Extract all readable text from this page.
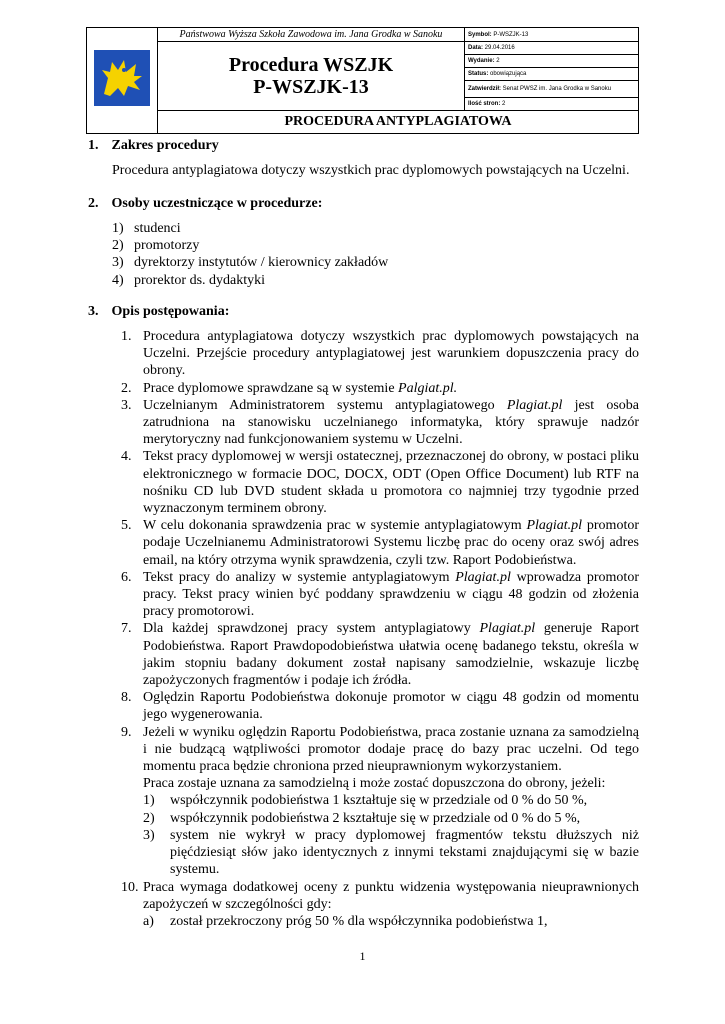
	Państwowa Wyższa Szkoła Zawodowa im. Jana Grodka w Sanoku	Symbol: P-WSZJK-13

	Procedura WSZJK
P-WSZJK-13	Data: 29.04.2016
		Wydanie: 2
		Status: obowiązująca
		Zatwierdził: Senat PWSZ im. Jana Grodka w Sanoku
		Ilość stron: 2
	PROCEDURA ANTYPLAGIATOWA	
1. Zakres procedury
Procedura antyplagiatowa dotyczy wszystkich prac dyplomowych powstających na Uczelni.
2. Osoby uczestniczące w procedurze:
1) studenci
2) promotorzy
3) dyrektorzy instytutów / kierownicy zakładów
4) prorektor ds. dydaktyki
3. Opis postępowania:
1. Procedura antyplagiatowa dotyczy wszystkich prac dyplomowych powstających na Uczelni. Przejście procedury antyplagiatowej jest warunkiem dopuszczenia pracy do obrony.
2. Prace dyplomowe sprawdzane są w systemie Palgiat.pl.
3. Uczelnianym Administratorem systemu antyplagiatowego Plagiat.pl jest osoba zatrudniona na stanowisku uczelnianego informatyka, który sprawuje nadzór merytoryczny nad funkcjonowaniem systemu w Uczelni.
4. Tekst pracy dyplomowej w wersji ostatecznej, przeznaczonej do obrony, w postaci pliku elektronicznego w formacie DOC, DOCX, ODT (Open Office Document) lub RTF na nośniku CD lub DVD student składa u promotora co najmniej trzy tygodnie przed wyznaczonym terminem obrony.
5. W celu dokonania sprawdzenia prac w systemie antyplagiatowym Plagiat.pl promotor podaje Uczelnianemu Administratorowi Systemu liczbę prac do oceny oraz swój adres email, na który otrzyma wynik sprawdzenia, czyli tzw. Raport Podobieństwa.
6. Tekst pracy do analizy w systemie antyplagiatowym Plagiat.pl wprowadza promotor pracy. Tekst pracy winien być poddany sprawdzeniu w ciągu 48 godzin od złożenia pracy promotorowi.
7. Dla każdej sprawdzonej pracy system antyplagiatowy Plagiat.pl generuje Raport Podobieństwa. Raport Prawdopodobieństwa ułatwia ocenę badanego tekstu, określa w jakim stopniu badany dokument został napisany samodzielnie, wskazuje liczbę zapożyczonych fragmentów i podaje ich źródła.
8. Oględzin Raportu Podobieństwa dokonuje promotor w ciągu 48 godzin od momentu jego wygenerowania.
9. Jeżeli w wyniku oględzin Raportu Podobieństwa, praca zostanie uznana za samodzielną i nie budzącą wątpliwości promotor dodaje pracę do bazy prac uczelni. Od tego momentu praca będzie chroniona przed nieuprawnionym wykorzystaniem.
Praca zostaje uznana za samodzielną i może zostać dopuszczona do obrony, jeżeli:
1) współczynnik podobieństwa 1 kształtuje się w przedziale od 0 % do 50 %,
2) współczynnik podobieństwa 2 kształtuje się w przedziale od 0 % do 5 %,
3) system nie wykrył w pracy dyplomowej fragmentów tekstu dłuższych niż pięćdziesiąt słów jako identycznych z innymi tekstami znajdującymi się w bazie systemu.
10. Praca wymaga dodatkowej oceny z punktu widzenia występowania nieuprawnionych zapożyczeń w szczególności gdy:
a) został przekroczony próg 50 % dla współczynnika podobieństwa 1,
1
